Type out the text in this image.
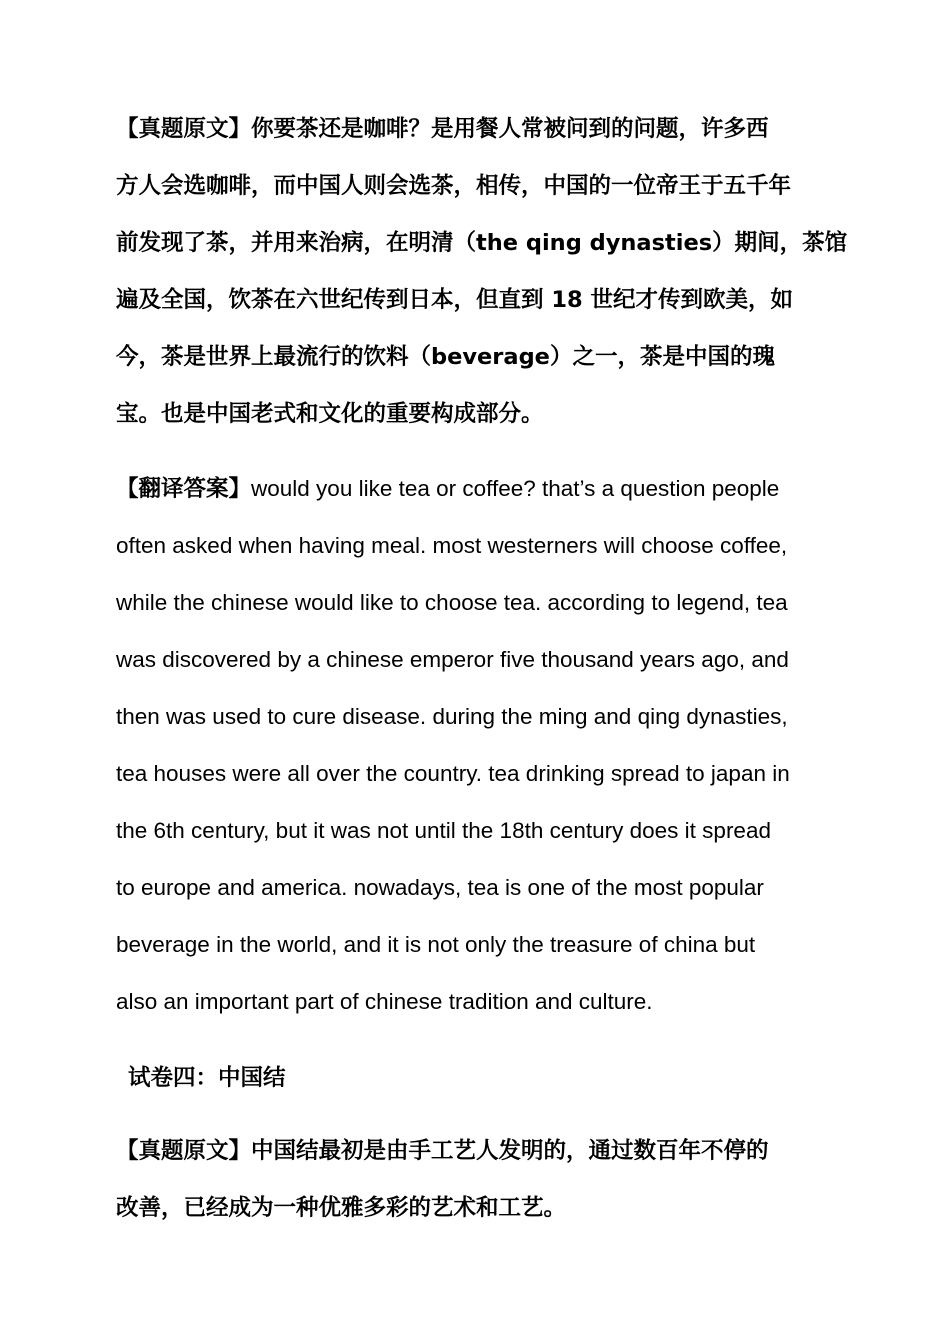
【真题原文】你要茶还是咖啡？是用餐人常被问到的问题，许多西
方人会选咖啡，而中国人则会选茶，相传，中国的一位帝王于五千年
前发现了茶，并用来治病，在明清（the qing dynasties）期间，茶馆
遍及全国，饮茶在六世纪传到日本，但直到 18 世纪才传到欧美，如
今，茶是世界上最流行的饮料（beverage）之一，茶是中国的瑰
宝。也是中国老式和文化的重要构成部分。
【翻译答案】would you like tea or coffee? that’s a question people
often asked when having meal. most westerners will choose coffee,
while the chinese would like to choose tea. according to legend, tea
was discovered by a chinese emperor five thousand years ago, and
then was used to cure disease. during the ming and qing dynasties,
tea houses were all over the country. tea drinking spread to japan in
the 6th century, but it was not until the 18th century does it spread
to europe and america. nowadays, tea is one of the most popular
beverage in the world, and it is not only the treasure of china but
also an important part of chinese tradition and culture.
试卷四：中国结
【真题原文】中国结最初是由手工艺人发明的，通过数百年不停的
改善，已经成为一种优雅多彩的艺术和工艺。
